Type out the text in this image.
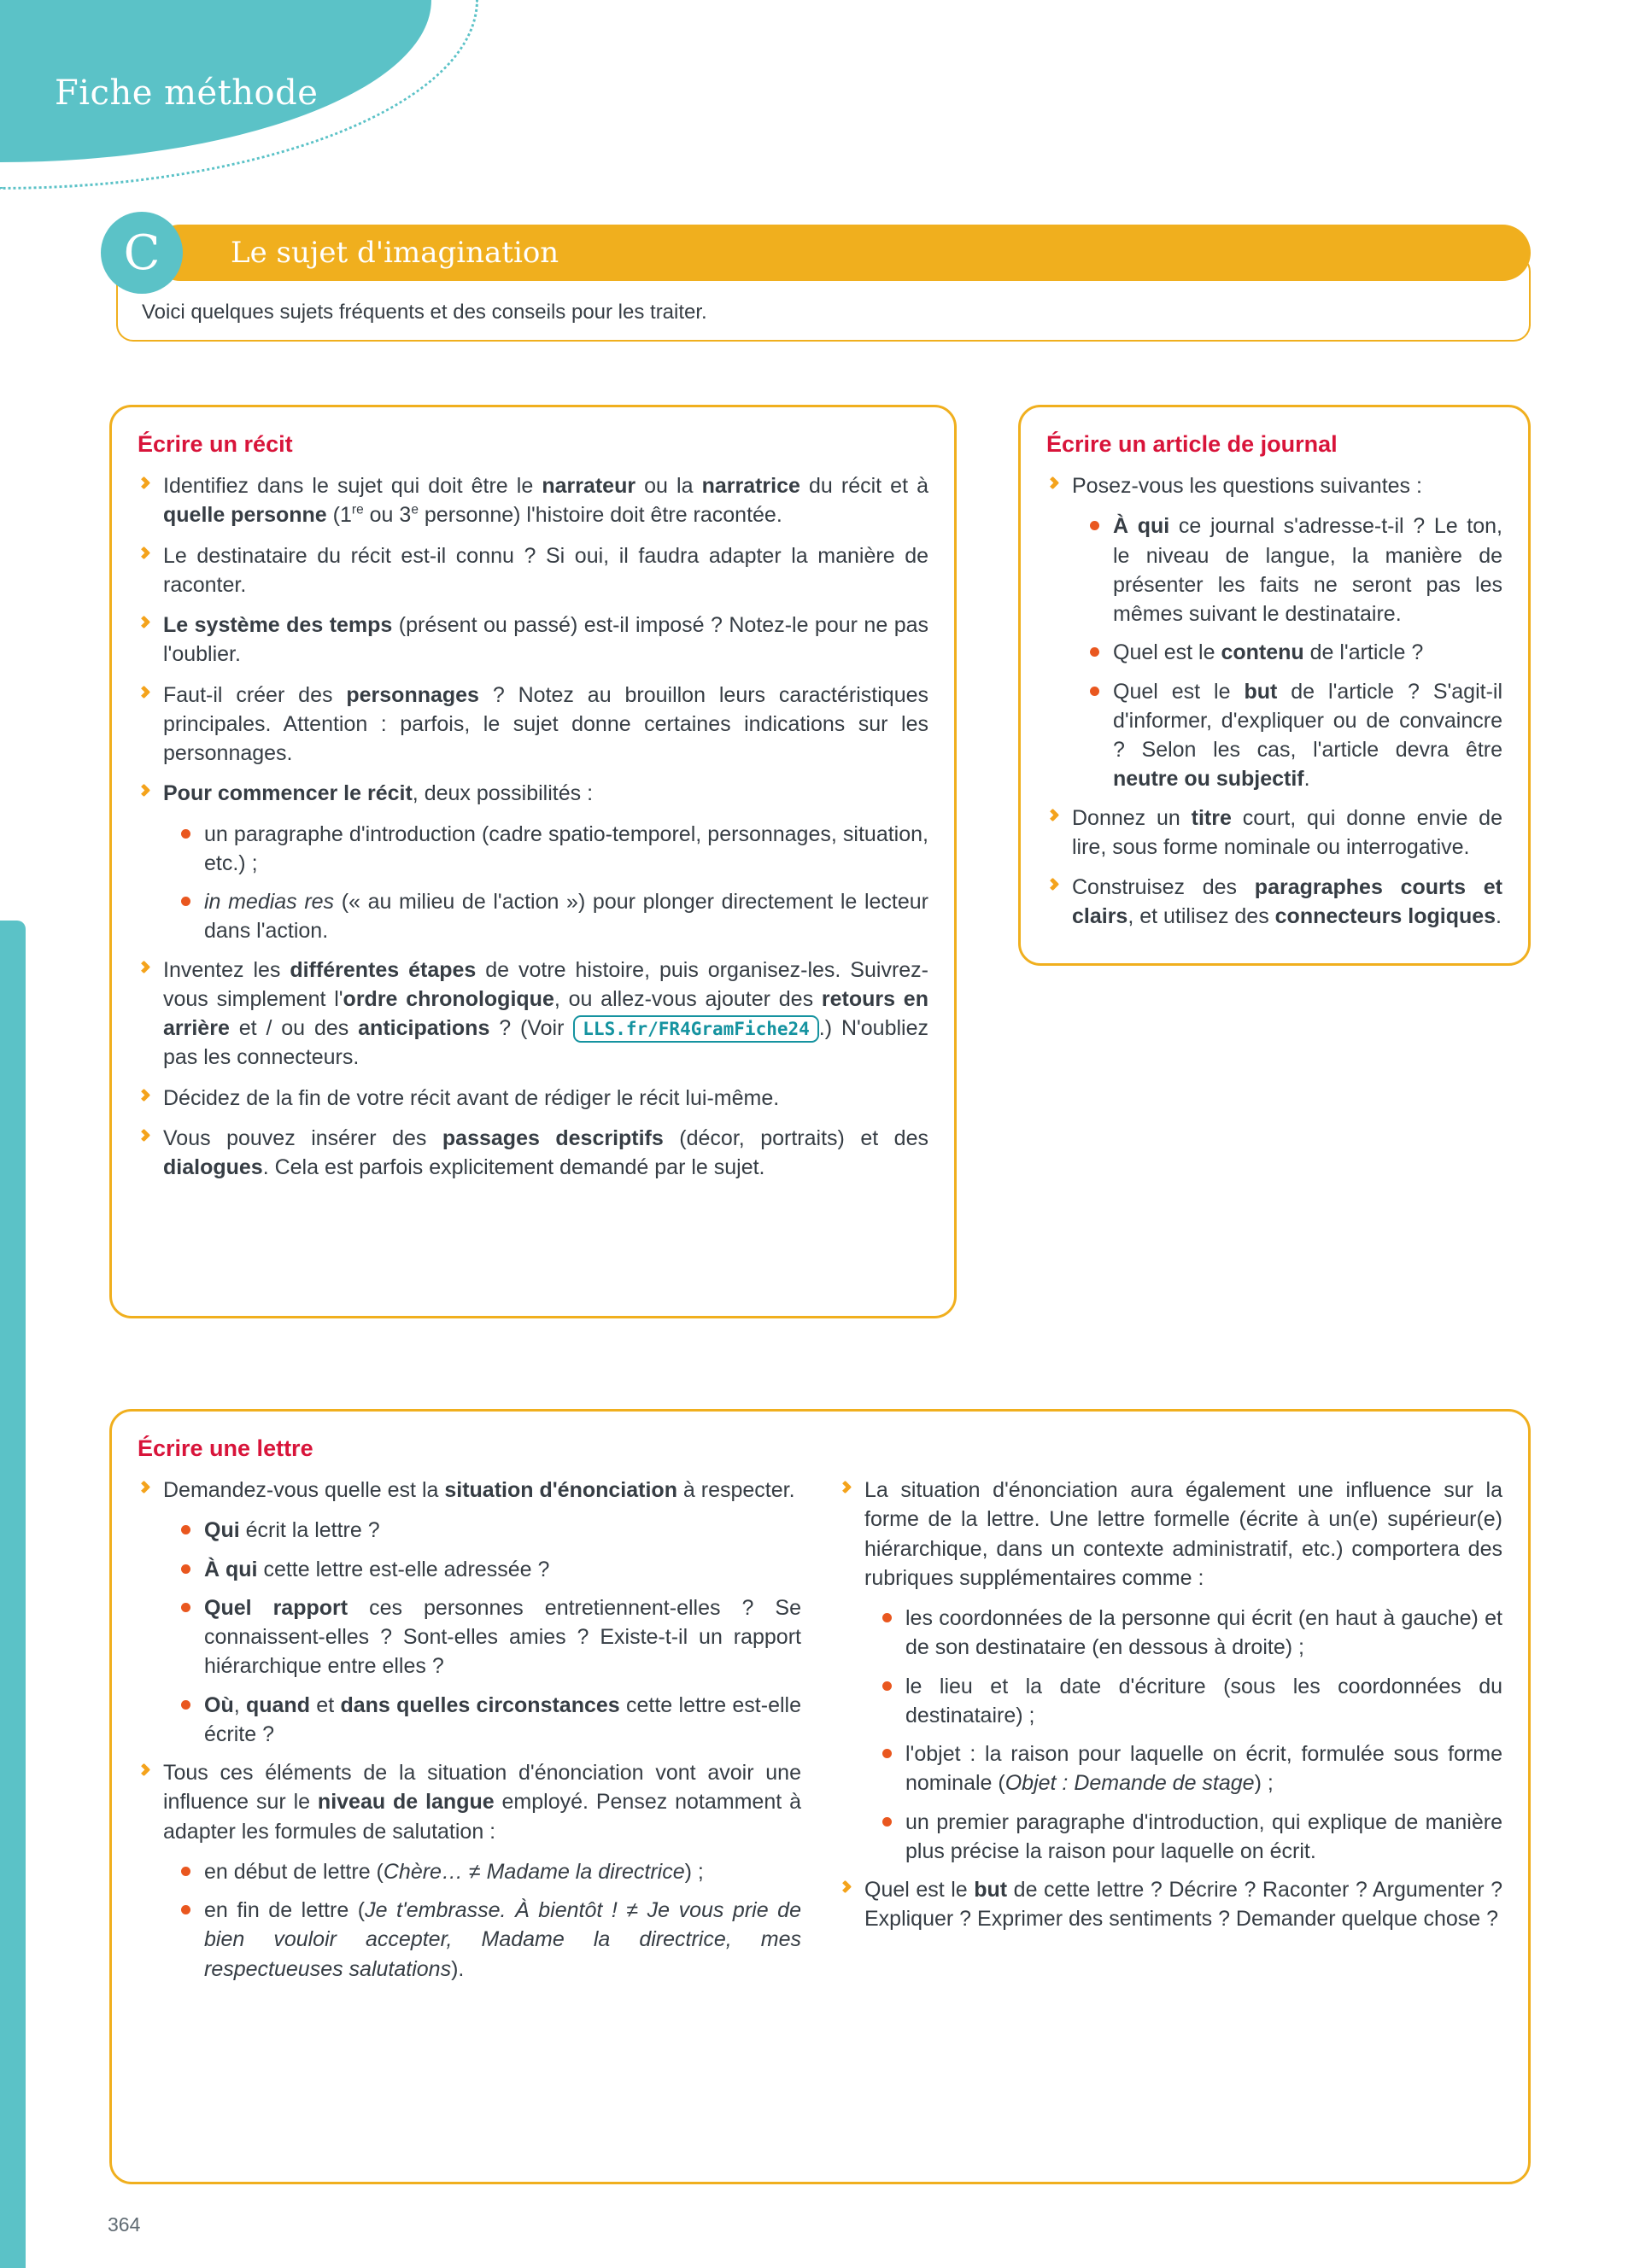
Fiche méthode
Le sujet d'imagination
C

Voici quelques sujets fréquents et des conseils pour les traiter.

Écrire un récit
Identifiez dans le sujet qui doit être le narrateur ou la narratrice du récit et à quelle personne (1re ou 3e personne) l'histoire doit être racontée.
Le destinataire du récit est-il connu ? Si oui, il faudra adapter la manière de raconter.
Le système des temps (présent ou passé) est-il imposé ? Notez-le pour ne pas l'oublier.
Faut-il créer des personnages ? Notez au brouillon leurs caractéristiques principales. Attention : parfois, le sujet donne certaines indications sur les personnages.
Pour commencer le récit, deux possibilités :
un paragraphe d'introduction (cadre spatio-temporel, personnages, situation, etc.) ;
in medias res (« au milieu de l'action ») pour plonger directement le lecteur dans l'action.
Inventez les différentes étapes de votre histoire, puis organisez-les. Suivrez-vous simplement l'ordre chronologique, ou allez-vous ajouter des retours en arrière et / ou des anticipations ? (Voir LLS.fr/FR4GramFiche24 .) N'oubliez pas les connecteurs.
Décidez de la fin de votre récit avant de rédiger le récit lui-même.
Vous pouvez insérer des passages descriptifs (décor, portraits) et des dialogues. Cela est parfois explicitement demandé par le sujet.
Écrire un article de journal
Posez-vous les questions suivantes :
À qui ce journal s'adresse-t-il ? Le ton, le niveau de langue, la manière de présenter les faits ne seront pas les mêmes suivant le destinataire.
Quel est le contenu de l'article ?
Quel est le but de l'article ? S'agit-il d'informer, d'expliquer ou de convaincre ? Selon les cas, l'article devra être neutre ou subjectif.
Donnez un titre court, qui donne envie de lire, sous forme nominale ou interrogative.
Construisez des paragraphes courts et clairs, et utilisez des connecteurs logiques.
Écrire une lettre
Demandez-vous quelle est la situation d'énonciation à respecter.
Qui écrit la lettre ?
À qui cette lettre est-elle adressée ?
Quel rapport ces personnes entretiennent-elles ? Se connaissent-elles ? Sont-elles amies ? Existe-t-il un rapport hiérarchique entre elles ?
Où, quand et dans quelles circonstances cette lettre est-elle écrite ?
Tous ces éléments de la situation d'énonciation vont avoir une influence sur le niveau de langue employé. Pensez notamment à adapter les formules de salutation :
en début de lettre (Chère… ≠ Madame la directrice) ;
en fin de lettre (Je t'embrasse. À bientôt ! ≠ Je vous prie de bien vouloir accepter, Madame la directrice, mes respectueuses salutations).
La situation d'énonciation aura également une influence sur la forme de la lettre. Une lettre formelle (écrite à un(e) supérieur(e) hiérarchique, dans un contexte administratif, etc.) comportera des rubriques supplémentaires comme :
les coordonnées de la personne qui écrit (en haut à gauche) et de son destinataire (en dessous à droite) ;
le lieu et la date d'écriture (sous les coordonnées du destinataire) ;
l'objet : la raison pour laquelle on écrit, formulée sous forme nominale (Objet : Demande de stage) ;
un premier paragraphe d'introduction, qui explique de manière plus précise la raison pour laquelle on écrit.
Quel est le but de cette lettre ? Décrire ? Raconter ? Argumenter ? Expliquer ? Exprimer des sentiments ? Demander quelque chose ?
364
